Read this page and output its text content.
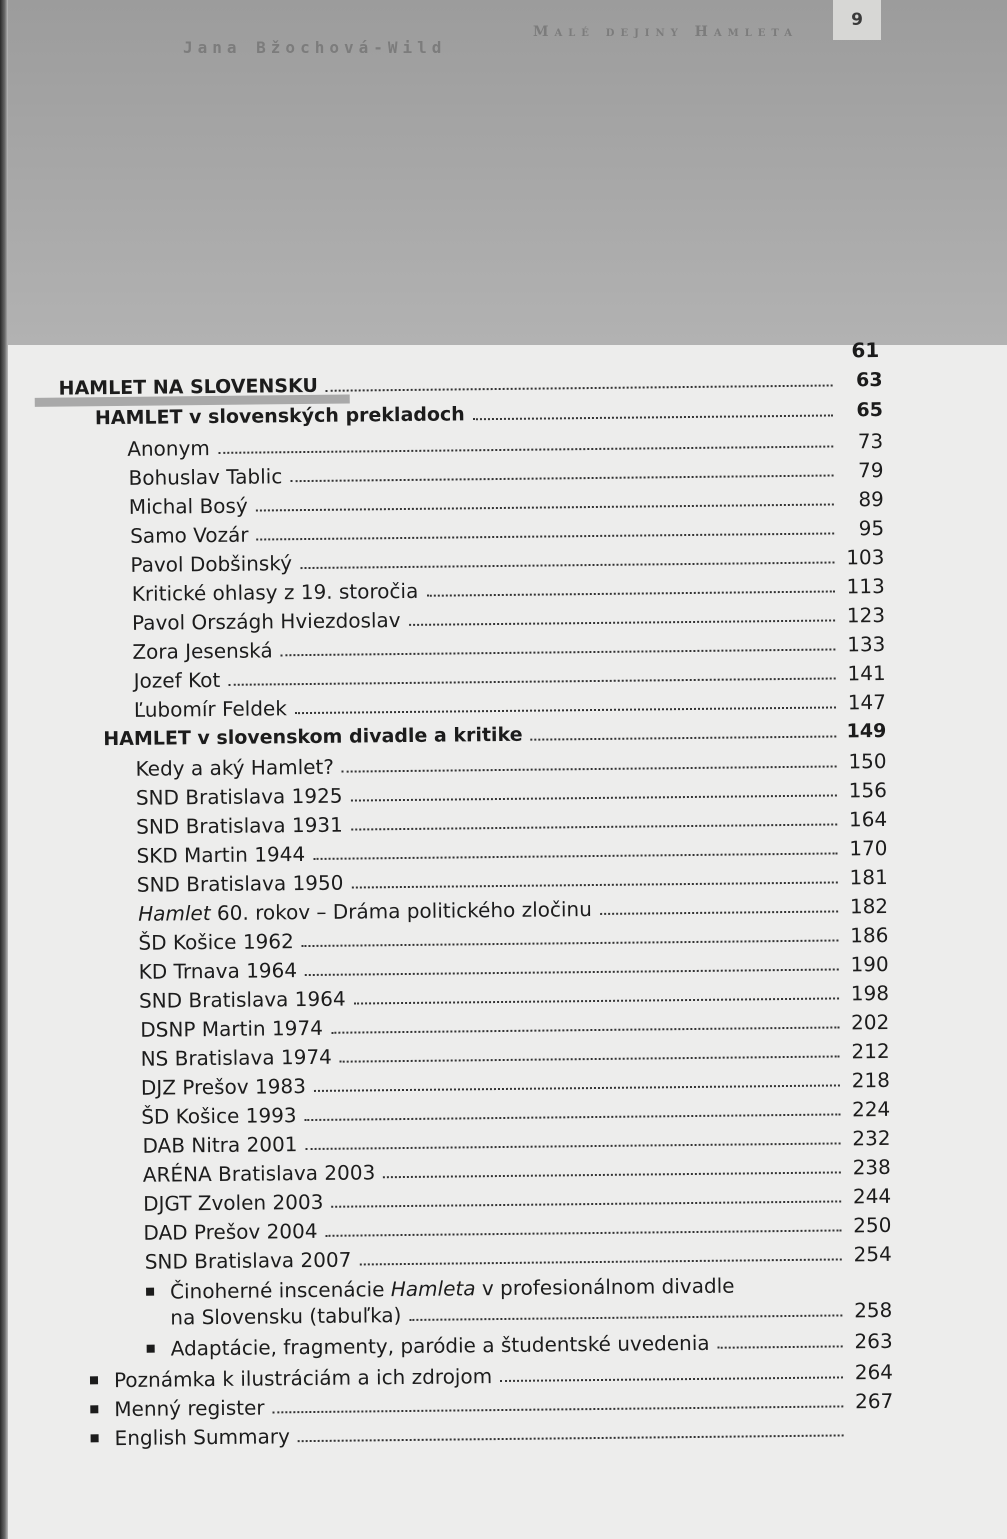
Jana Bžochová-Wild
Malé dejiny Hamleta
9
61
HAMLET NA SLOVENSKU	63
HAMLET v slovenských prekladoch	65
Anonym	73
Bohuslav Tablic	79
Michal Bosý	89
Samo Vozár	95
Pavol Dobšinský	103
Kritické ohlasy z 19. storočia	113
Pavol Országh Hviezdoslav	123
Zora Jesenská	133
Jozef Kot	141
Ľubomír Feldek	147
HAMLET v slovenskom divadle a kritike	149
Kedy a aký Hamlet?	150
SND Bratislava 1925	156
SND Bratislava 1931	164
SKD Martin 1944	170
SND Bratislava 1950	181
Hamlet 60. rokov – Dráma politického zločinu	182
ŠD Košice 1962	186
KD Trnava 1964	190
SND Bratislava 1964	198
DSNP Martin 1974	202
NS Bratislava 1974	212
DJZ Prešov 1983	218
ŠD Košice 1993	224
DAB Nitra 2001	232
ARÉNA Bratislava 2003	238
DJGT Zvolen 2003	244
DAD Prešov 2004	250
SND Bratislava 2007	254
Činoherné inscenácie Hamleta v profesionálnom divadle
na Slovensku (tabuľka)	258
Adaptácie, fragmenty, paródie a študentské uvedenia	263
Poznámka k ilustráciám a ich zdrojom	264
Menný register	267
English Summary
